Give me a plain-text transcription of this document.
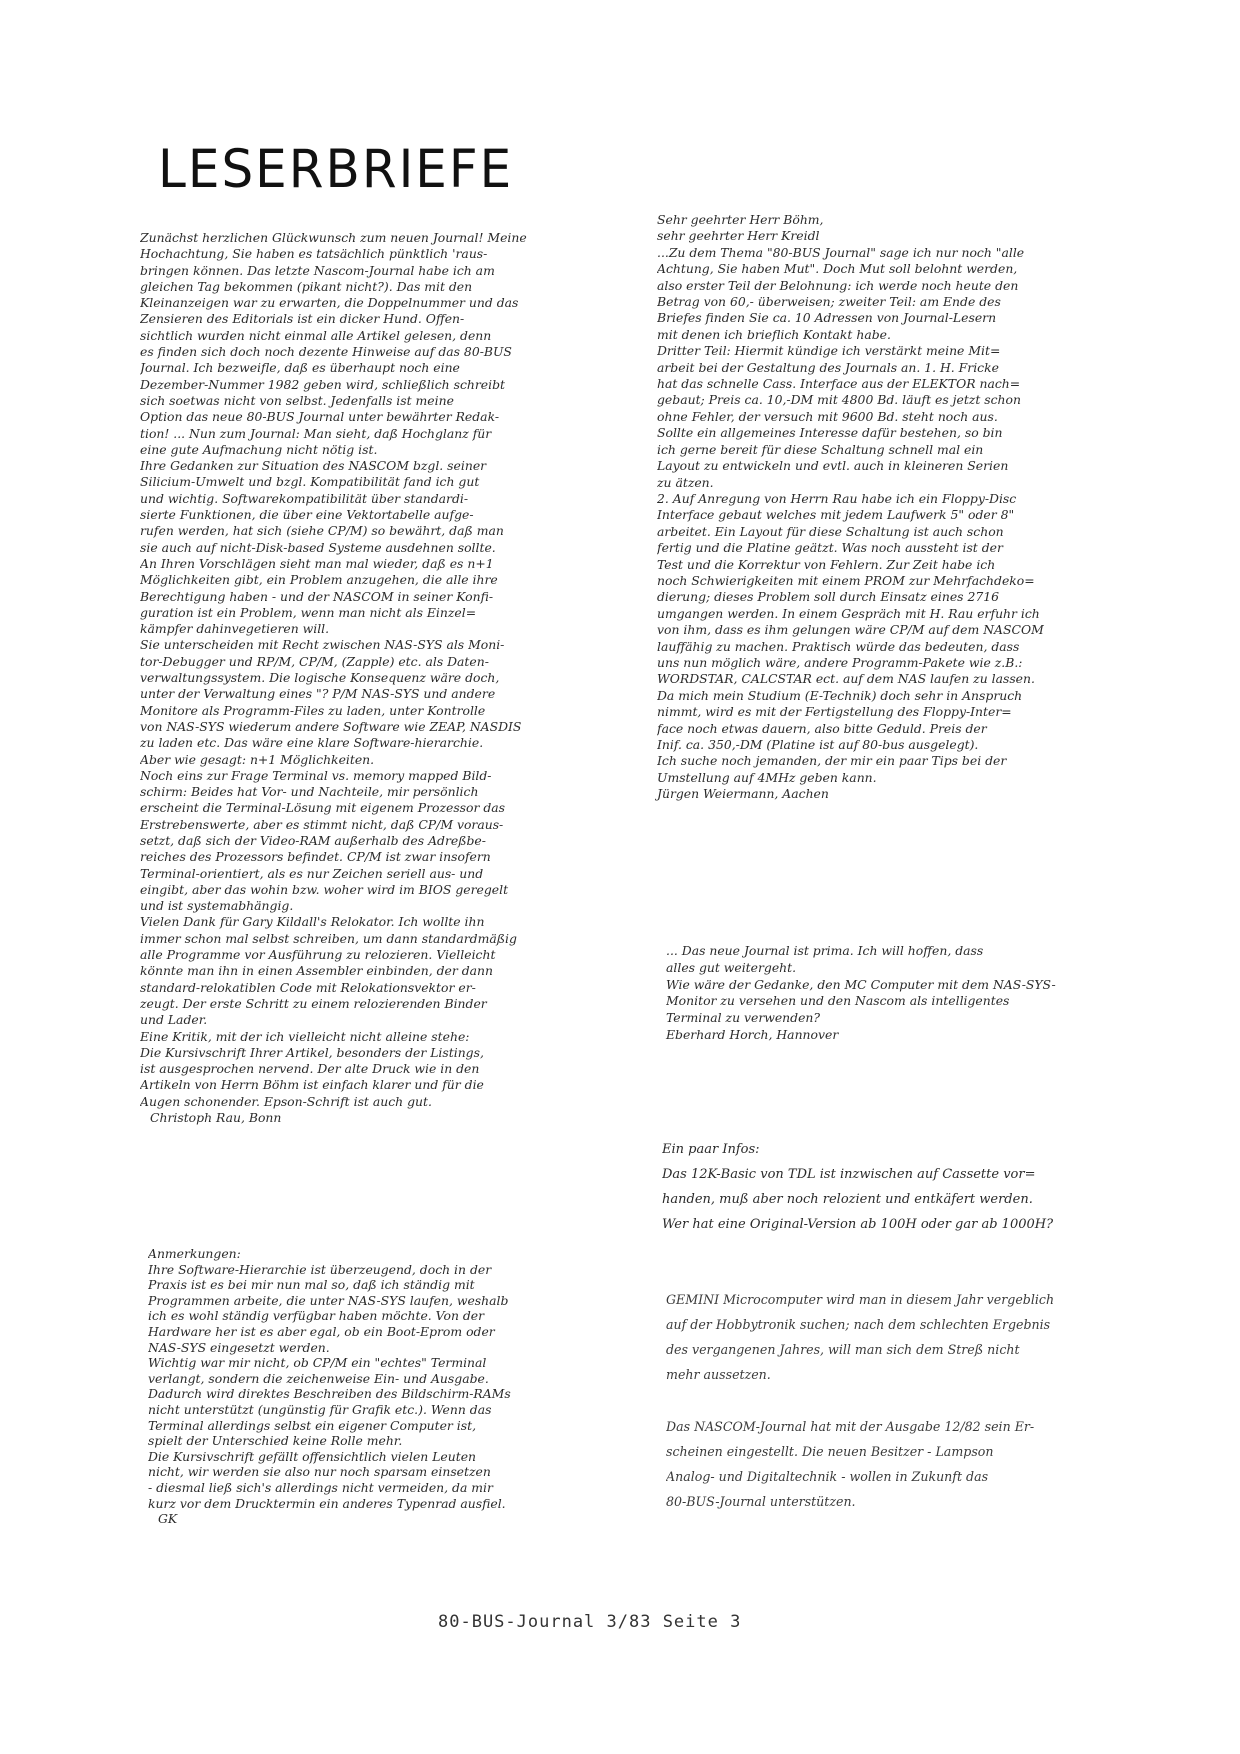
LESERBRIEFE
Zunächst herzlichen Glückwunsch zum neuen Journal! Meine
Hochachtung, Sie haben es tatsächlich pünktlich 'raus-
bringen können. Das letzte Nascom-Journal habe ich am
gleichen Tag bekommen (pikant nicht?). Das mit den
Kleinanzeigen war zu erwarten, die Doppelnummer und das
Zensieren des Editorials ist ein dicker Hund. Offen-
sichtlich wurden nicht einmal alle Artikel gelesen, denn
es finden sich doch noch dezente Hinweise auf das 80-BUS
Journal. Ich bezweifle, daß es überhaupt noch eine
Dezember-Nummer 1982 geben wird, schließlich schreibt
sich soetwas nicht von selbst. Jedenfalls ist meine
Option das neue 80-BUS Journal unter bewährter Redak-
tion! ... Nun zum Journal: Man sieht, daß Hochglanz für
eine gute Aufmachung nicht nötig ist.
Ihre Gedanken zur Situation des NASCOM bzgl. seiner
Silicium-Umwelt und bzgl. Kompatibilität fand ich gut
und wichtig. Softwarekompatibilität über standardi-
sierte Funktionen, die über eine Vektortabelle aufge-
rufen werden, hat sich (siehe CP/M) so bewährt, daß man
sie auch auf nicht-Disk-based Systeme ausdehnen sollte.
An Ihren Vorschlägen sieht man mal wieder, daß es n+1
Möglichkeiten gibt, ein Problem anzugehen, die alle ihre
Berechtigung haben - und der NASCOM in seiner Konfi-
guration ist ein Problem, wenn man nicht als Einzel=
kämpfer dahinvegetieren will.
Sie unterscheiden mit Recht zwischen NAS-SYS als Moni-
tor-Debugger und RP/M, CP/M, (Zapple) etc. als Daten-
verwaltungssystem. Die logische Konsequenz wäre doch,
unter der Verwaltung eines "? P/M NAS-SYS und andere
Monitore als Programm-Files zu laden, unter Kontrolle
von NAS-SYS wiederum andere Software wie ZEAP, NASDIS
zu laden etc. Das wäre eine klare Software-hierarchie.
Aber wie gesagt: n+1 Möglichkeiten.
Noch eins zur Frage Terminal vs. memory mapped Bild-
schirm: Beides hat Vor- und Nachteile, mir persönlich
erscheint die Terminal-Lösung mit eigenem Prozessor das
Erstrebenswerte, aber es stimmt nicht, daß CP/M voraus-
setzt, daß sich der Video-RAM außerhalb des Adreßbe-
reiches des Prozessors befindet. CP/M ist zwar insofern
Terminal-orientiert, als es nur Zeichen seriell aus- und
eingibt, aber das wohin bzw. woher wird im BIOS geregelt
und ist systemabhängig.
Vielen Dank für Gary Kildall's Relokator. Ich wollte ihn
immer schon mal selbst schreiben, um dann standardmäßig
alle Programme vor Ausführung zu relozieren. Vielleicht
könnte man ihn in einen Assembler einbinden, der dann
standard-relokatiblen Code mit Relokationsvektor er-
zeugt. Der erste Schritt zu einem relozierenden Binder
und Lader.
Eine Kritik, mit der ich vielleicht nicht alleine stehe:
Die Kursivschrift Ihrer Artikel, besonders der Listings,
ist ausgesprochen nervend. Der alte Druck wie in den
Artikeln von Herrn Böhm ist einfach klarer und für die
Augen schonender. Epson-Schrift ist auch gut.

Christoph Rau, Bonn

Anmerkungen:
Ihre Software-Hierarchie ist überzeugend, doch in der
Praxis ist es bei mir nun mal so, daß ich ständig mit
Programmen arbeite, die unter NAS-SYS laufen, weshalb
ich es wohl ständig verfügbar haben möchte. Von der
Hardware her ist es aber egal, ob ein Boot-Eprom oder
NAS-SYS eingesetzt werden.
Wichtig war mir nicht, ob CP/M ein "echtes" Terminal
verlangt, sondern die zeichenweise Ein- und Ausgabe.
Dadurch wird direktes Beschreiben des Bildschirm-RAMs
nicht unterstützt (ungünstig für Grafik etc.). Wenn das
Terminal allerdings selbst ein eigener Computer ist,
spielt der Unterschied keine Rolle mehr.
Die Kursivschrift gefällt offensichtlich vielen Leuten
nicht, wir werden sie also nur noch sparsam einsetzen
- diesmal ließ sich's allerdings nicht vermeiden, da mir
kurz vor dem Drucktermin ein anderes Typenrad ausfiel.

GK

Sehr geehrter Herr Böhm,
sehr geehrter Herr Kreidl
...Zu dem Thema "80-BUS Journal" sage ich nur noch "alle
Achtung, Sie haben Mut". Doch Mut soll belohnt werden,
also erster Teil der Belohnung: ich werde noch heute den
Betrag von 60,- überweisen; zweiter Teil: am Ende des
Briefes finden Sie ca. 10 Adressen von Journal-Lesern
mit denen ich brieflich Kontakt habe.
Dritter Teil: Hiermit kündige ich verstärkt meine Mit=
arbeit bei der Gestaltung des Journals an. 1. H. Fricke
hat das schnelle Cass. Interface aus der ELEKTOR nach=
gebaut; Preis ca. 10,-DM mit 4800 Bd. läuft es jetzt schon
ohne Fehler, der versuch mit 9600 Bd. steht noch aus.
Sollte ein allgemeines Interesse dafür bestehen, so bin
ich gerne bereit für diese Schaltung schnell mal ein
Layout zu entwickeln und evtl. auch in kleineren Serien
zu ätzen.
2. Auf Anregung von Herrn Rau habe ich ein Floppy-Disc
Interface gebaut welches mit jedem Laufwerk 5" oder 8"
arbeitet. Ein Layout für diese Schaltung ist auch schon
fertig und die Platine geätzt. Was noch aussteht ist der
Test und die Korrektur von Fehlern. Zur Zeit habe ich
noch Schwierigkeiten mit einem PROM zur Mehrfachdeko=
dierung; dieses Problem soll durch Einsatz eines 2716
umgangen werden. In einem Gespräch mit H. Rau erfuhr ich
von ihm, dass es ihm gelungen wäre CP/M auf dem NASCOM
lauffähig zu machen. Praktisch würde das bedeuten, dass
uns nun möglich wäre, andere Programm-Pakete wie z.B.:
WORDSTAR, CALCSTAR ect. auf dem NAS laufen zu lassen.
Da mich mein Studium (E-Technik) doch sehr in Anspruch
nimmt, wird es mit der Fertigstellung des Floppy-Inter=
face noch etwas dauern, also bitte Geduld. Preis der
Inif. ca. 350,-DM (Platine ist auf 80-bus ausgelegt).
Ich suche noch jemanden, der mir ein paar Tips bei der
Umstellung auf 4MHz geben kann.

Jürgen Weiermann, Aachen

... Das neue Journal ist prima. Ich will hoffen, dass
alles gut weitergeht.
Wie wäre der Gedanke, den MC Computer mit dem NAS-SYS-
Monitor zu versehen und den Nascom als intelligentes
Terminal zu verwenden?

Eberhard Horch, Hannover

Ein paar Infos:
Das 12K-Basic von TDL ist inzwischen auf Cassette vor=
handen, muß aber noch relozient und entkäfert werden.
Wer hat eine Original-Version ab 100H oder gar ab 1000H?
GEMINI Microcomputer wird man in diesem Jahr vergeblich
auf der Hobbytronik suchen; nach dem schlechten Ergebnis
des vergangenen Jahres, will man sich dem Streß nicht
mehr aussetzen.
Das NASCOM-Journal hat mit der Ausgabe 12/82 sein Er-
scheinen eingestellt. Die neuen Besitzer - Lampson
Analog- und Digitaltechnik - wollen in Zukunft das
80-BUS-Journal unterstützen.
80-BUS-Journal 3/83 Seite 3
